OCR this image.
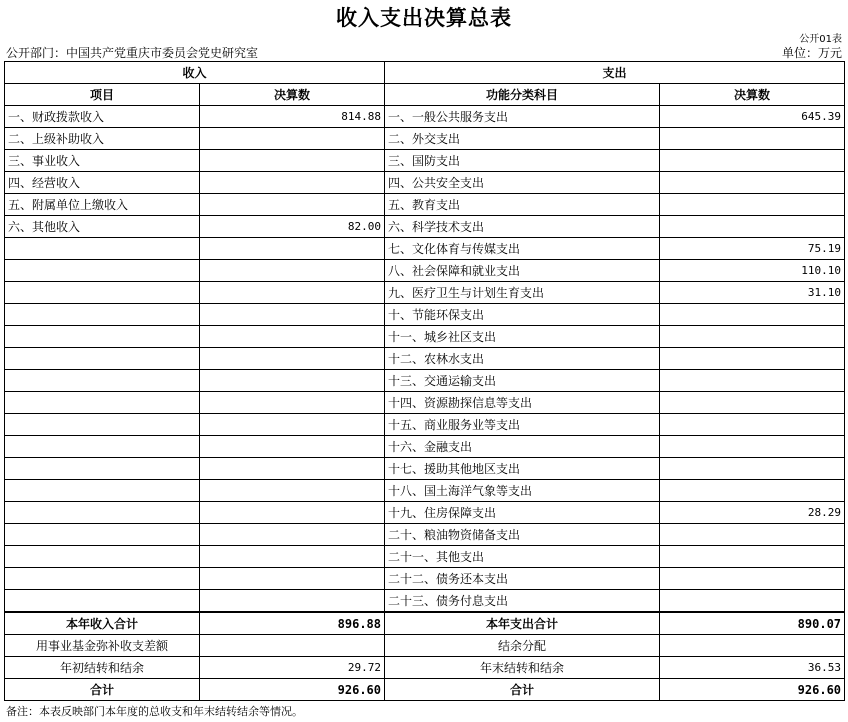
收入支出决算总表
公开01表
公开部门：中国共产党重庆市委员会党史研究室	单位：万元
收入		支出	
项目	决算数	功能分类科目	决算数
一、财政拨款收入	814.88	一、一般公共服务支出	645.39
二、上级补助收入		二、外交支出	
三、事业收入		三、国防支出	
四、经营收入		四、公共安全支出	
五、附属单位上缴收入		五、教育支出	
六、其他收入	82.00	六、科学技术支出	
		七、文化体育与传媒支出	75.19
		八、社会保障和就业支出	110.10
		九、医疗卫生与计划生育支出	31.10
		十、节能环保支出	
		十一、城乡社区支出	
		十二、农林水支出	
		十三、交通运输支出	
		十四、资源勘探信息等支出	
		十五、商业服务业等支出	
		十六、金融支出	
		十七、援助其他地区支出	
		十八、国土海洋气象等支出	
		十九、住房保障支出	28.29
		二十、粮油物资储备支出	
		二十一、其他支出	
		二十二、债务还本支出	
		二十三、债务付息支出	
本年收入合计	896.88	本年支出合计	890.07
用事业基金弥补收支差额		结余分配	
年初结转和结余	29.72	年末结转和结余	36.53
合计	926.60	合计	926.60
备注：本表反映部门本年度的总收支和年末结转结余等情况。
